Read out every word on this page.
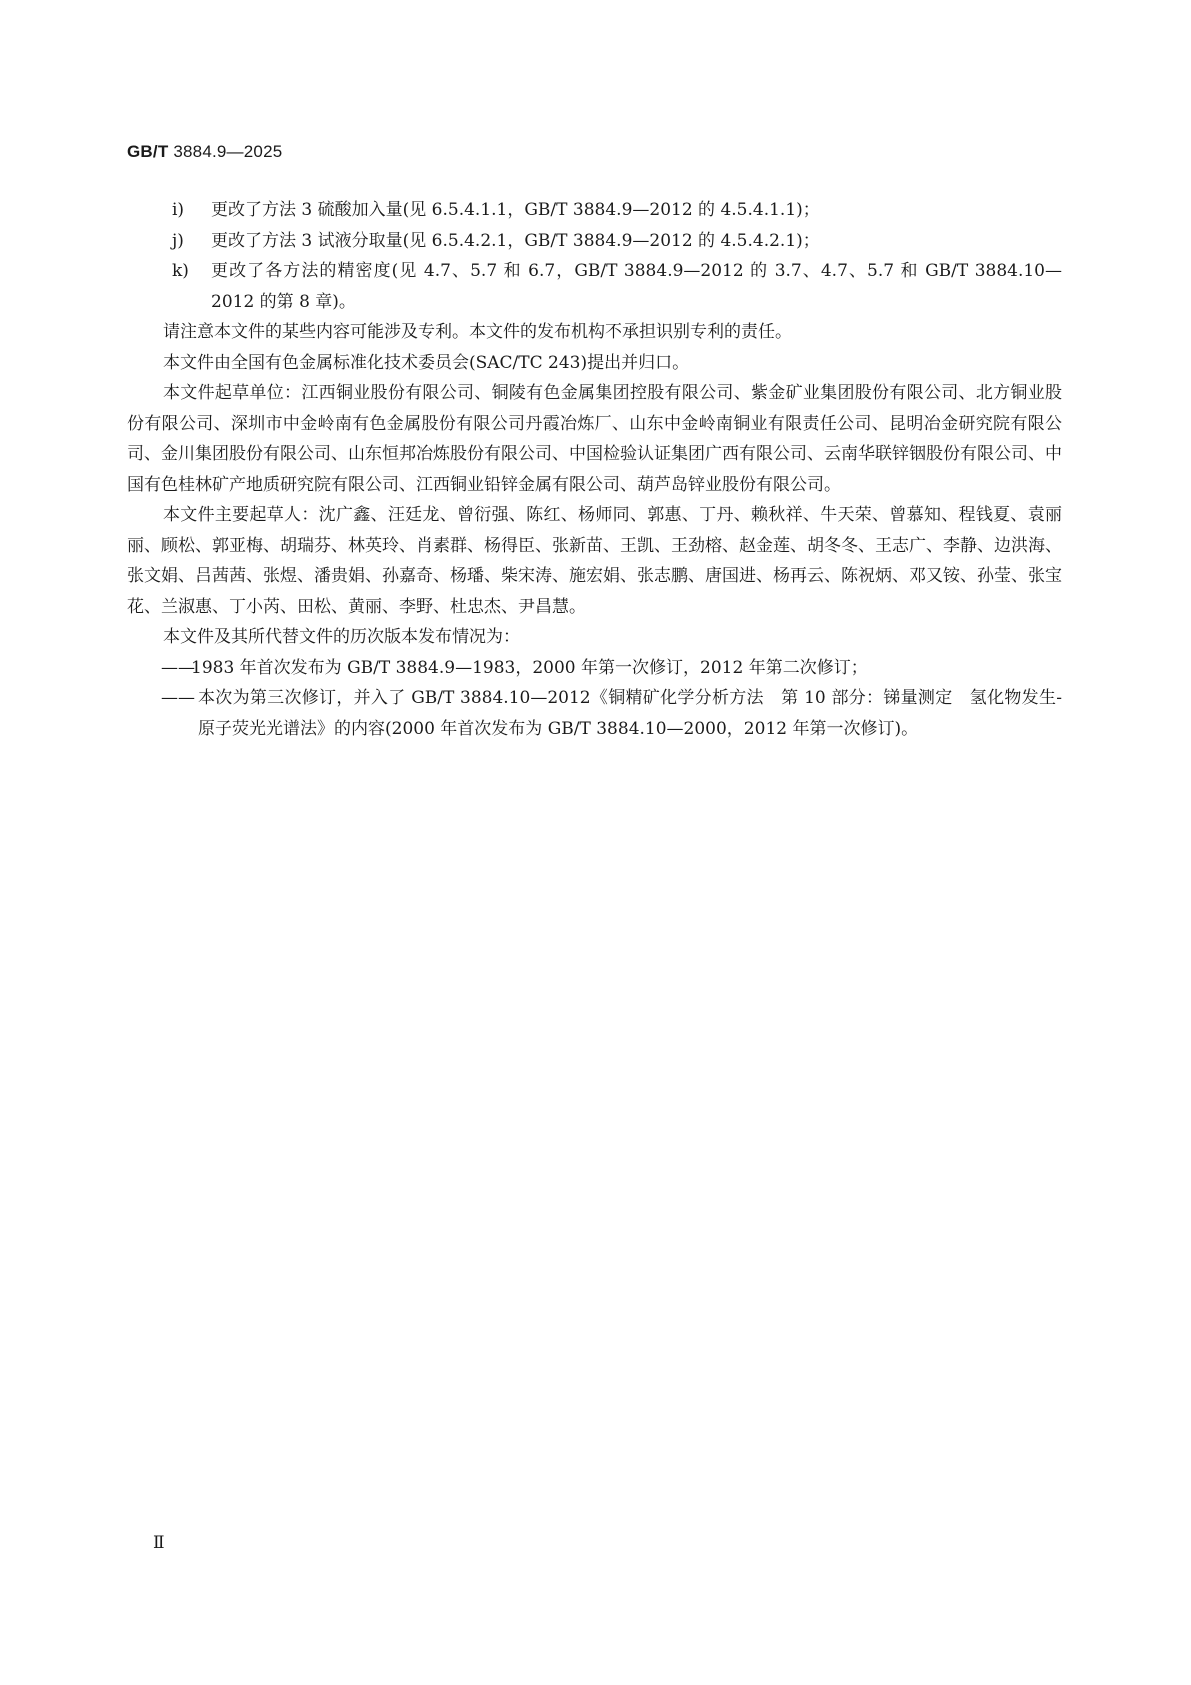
GB/T 3884.9—2025
i) 更改了方法 3 硫酸加入量(见 6.5.4.1.1，GB/T 3884.9—2012 的 4.5.4.1.1)；
j) 更改了方法 3 试液分取量(见 6.5.4.2.1，GB/T 3884.9—2012 的 4.5.4.2.1)；
k) 更改了各方法的精密度(见 4.7、5.7 和 6.7，GB/T 3884.9—2012 的 3.7、4.7、5.7 和 GB/T 3884.10—2012 的第 8 章)。
请注意本文件的某些内容可能涉及专利。本文件的发布机构不承担识别专利的责任。
本文件由全国有色金属标准化技术委员会(SAC/TC 243)提出并归口。
本文件起草单位：江西铜业股份有限公司、铜陵有色金属集团控股有限公司、紫金矿业集团股份有限公司、北方铜业股份有限公司、深圳市中金岭南有色金属股份有限公司丹霞冶炼厂、山东中金岭南铜业有限责任公司、昆明冶金研究院有限公司、金川集团股份有限公司、山东恒邦冶炼股份有限公司、中国检验认证集团广西有限公司、云南华联锌铟股份有限公司、中国有色桂林矿产地质研究院有限公司、江西铜业铅锌金属有限公司、葫芦岛锌业股份有限公司。
本文件主要起草人：沈广鑫、汪廷龙、曾衍强、陈红、杨师同、郭惠、丁丹、赖秋祥、牛天荣、曾慕知、程钱夏、袁丽丽、顾松、郭亚梅、胡瑞芬、林英玲、肖素群、杨得臣、张新苗、王凯、王劲榕、赵金莲、胡冬冬、王志广、李静、边洪海、张文娟、吕茜茜、张煜、潘贵娟、孙嘉奇、杨璠、柴宋涛、施宏娟、张志鹏、唐国进、杨再云、陈祝炳、邓又铵、孙莹、张宝花、兰淑惠、丁小芮、田松、黄丽、李野、杜忠杰、尹昌慧。
本文件及其所代替文件的历次版本发布情况为：
——
1983 年首次发布为 GB/T 3884.9—1983，2000 年第一次修订，2012 年第二次修订；
—— 本次为第三次修订，并入了 GB/T 3884.10—2012《铜精矿化学分析方法　第 10 部分：锑量测定　氢化物发生-原子荧光光谱法》的内容(2000 年首次发布为 GB/T 3884.10—2000，2012 年第一次修订)。
Ⅱ
